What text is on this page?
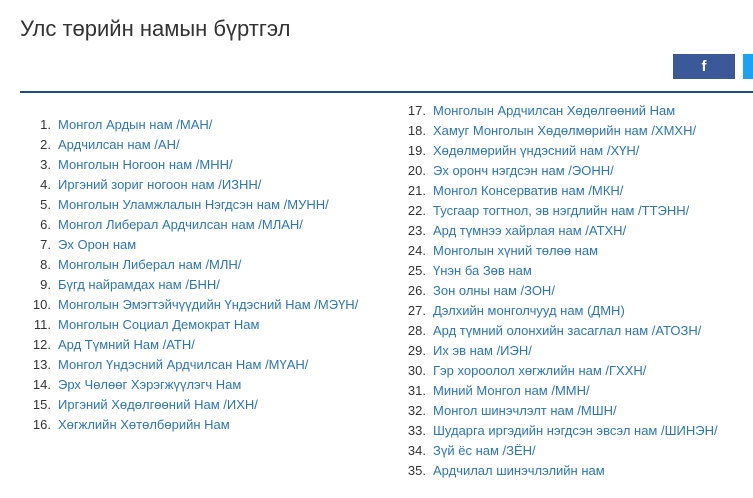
Улс төрийн намын бүртгэл
f
1. Монгол Ардын нам /МАН/
2. Ардчилсан нам /АН/
3. Монголын Ногоон нам /МНН/
4. Иргэний зориг ногоон нам /ИЗНН/
5. Монголын Уламжлалын Нэгдсэн нам /МУНН/
6. Монгол Либерал Ардчилсан нам /МЛАН/
7. Эх Орон нам
8. Монголын Либерал нам /МЛН/
9. Бүгд найрамдах нам /БНН/
10. Монголын Эмэгтэйчүүдийн Үндэсний Нам /МЭҮН/
11. Монголын Социал Демократ Нам
12. Ард Түмний Нам /АТН/
13. Монгол Үндэсний Ардчилсан Нам /МҮАН/
14. Эрх Чөлөөг Хэрэгжүүлэгч Нам
15. Иргэний Хөдөлгөөний Нам /ИХН/
16. Хөгжлийн Хөтөлбөрийн Нам
17. Монголын Ардчилсан Хөдөлгөөний Нам
18. Хамуг Монголын Хөдөлмөрийн нам /ХМХН/
19. Хөдөлмөрийн үндэсний нам /ХҮН/
20. Эх оронч нэгдсэн нам /ЭОНН/
21. Монгол Консерватив нам /МКН/
22. Тусгаар тогтнол, эв нэгдлийн нам /ТТЭНН/
23. Ард түмнээ хайрлая нам /АТХН/
24. Монголын хүний төлөө нам
25. Үнэн ба Зөв нам
26. Зон олны нам /ЗОН/
27. Дэлхийн монголчууд нам (ДМН)
28. Ард түмний олонхийн засаглал нам /АТОЗН/
29. Их эв нам /ИЭН/
30. Гэр хороолол хөгжлийн нам /ГХХН/
31. Миний Монгол нам /ММН/
32. Монгол шинэчлэлт нам /МШН/
33. Шударга иргэдийн нэгдсэн эвсэл нам /ШИНЭН/
34. Зүй ёс нам /ЗЁН/
35. Ардчилал шинэчлэлийн нам
